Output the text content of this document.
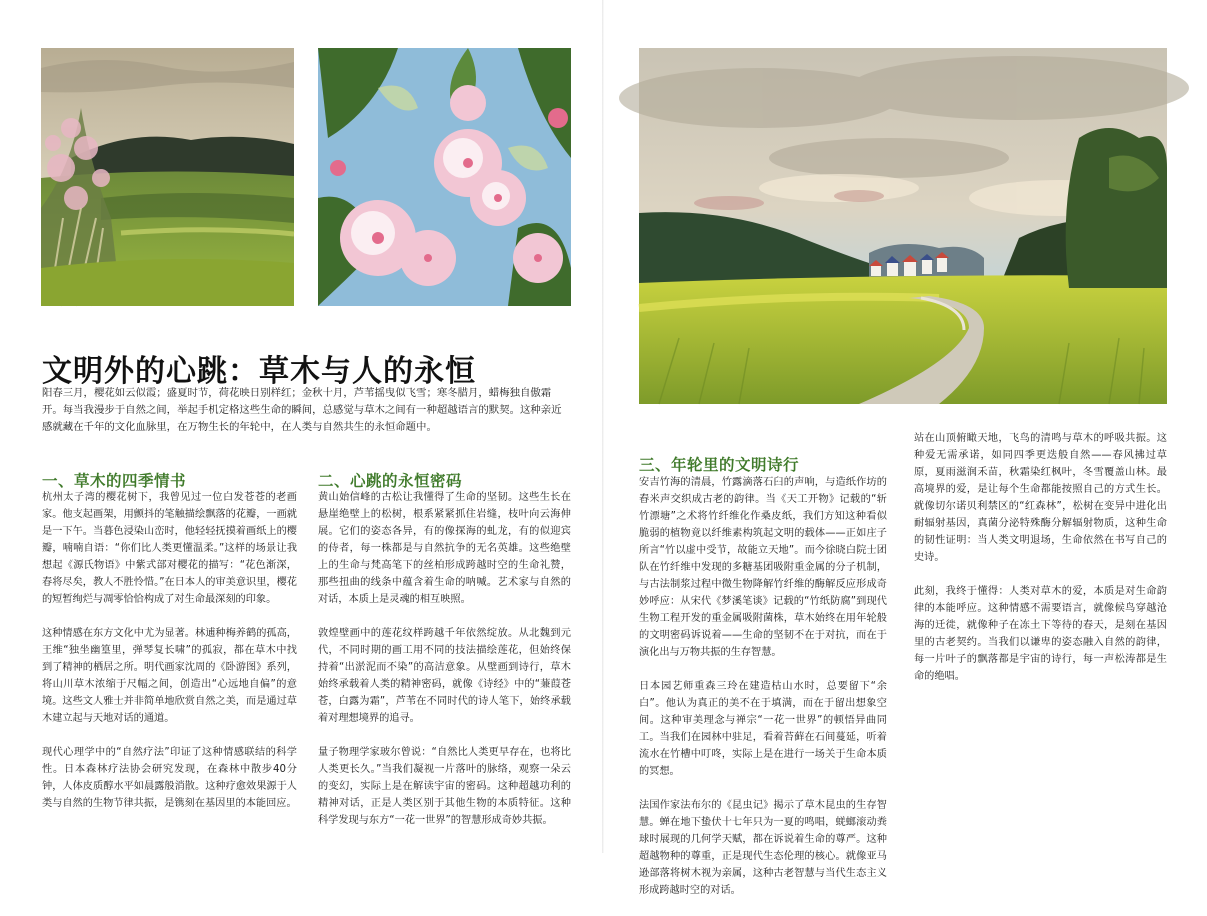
文明外的心跳：草木与人的永恒
阳春三月，樱花如云似霞；盛夏时节，荷花映日别样红；金秋十月，芦苇摇曳似飞雪；寒冬腊月，蜡梅独自傲霜开。每当我漫步于自然之间，举起手机定格这些生命的瞬间，总感觉与草木之间有一种超越语言的默契。这种亲近感就藏在千年的文化血脉里，在万物生长的年轮中，在人类与自然共生的永恒命题中。
一、草木的四季情书

杭州太子湾的樱花树下，我曾见过一位白发苍苍的老画家。他支起画架，用颤抖的笔触描绘飘落的花瓣，一画就是一下午。当暮色浸染山峦时，他轻轻抚摸着画纸上的樱瓣，喃喃自语：“你们比人类更懂温柔。”这样的场景让我想起《源氏物语》中紫式部对樱花的描写：“花色渐深，春将尽矣，教人不胜怜惜。”在日本人的审美意识里，樱花的短暂绚烂与凋零恰恰构成了对生命最深刻的印象。

这种情感在东方文化中尤为显著。林逋种梅养鹤的孤高，王维“独坐幽篁里，弹琴复长啸”的孤寂，都在草木中找到了精神的栖居之所。明代画家沈周的《卧游图》系列，将山川草木浓缩于尺幅之间，创造出“心远地自偏”的意境。这些文人雅士并非简单地欣赏自然之美，而是通过草木建立起与天地对话的通道。

现代心理学中的“自然疗法”印证了这种情感联结的科学性。日本森林疗法协会研究发现，在森林中散步40分钟，人体皮质醇水平如晨露般消散。这种疗愈效果源于人类与自然的生物节律共振，是镌刻在基因里的本能回应。

二、心跳的永恒密码

黄山始信峰的古松让我懂得了生命的坚韧。这些生长在悬崖绝壁上的松树，根系紧紧抓住岩缝，枝叶向云海伸展。它们的姿态各异，有的像探海的虬龙，有的似迎宾的侍者，每一株都是与自然抗争的无名英雄。这些绝壁上的生命与梵高笔下的丝柏形成跨越时空的生命礼赞，那些扭曲的线条中蕴含着生命的呐喊。艺术家与自然的对话，本质上是灵魂的相互映照。

敦煌壁画中的莲花纹样跨越千年依然绽放。从北魏到元代，不同时期的画工用不同的技法描绘莲花，但始终保持着“出淤泥而不染”的高洁意象。从壁画到诗行，草木始终承载着人类的精神密码，就像《诗经》中的“蒹葭苍苍，白露为霜”，芦苇在不同时代的诗人笔下，始终承载着对理想境界的追寻。

量子物理学家玻尔曾说：“自然比人类更早存在，也将比人类更长久。”当我们凝视一片落叶的脉络，观察一朵云的变幻，实际上是在解读宇宙的密码。这种超越功利的精神对话，正是人类区别于其他生物的本质特征。这种科学发现与东方“一花一世界”的智慧形成奇妙共振。

三、年轮里的文明诗行

安吉竹海的清晨，竹露滴落石臼的声响，与造纸作坊的舂米声交织成古老的韵律。当《天工开物》记载的“斩竹漂塘”之术将竹纤维化作桑皮纸，我们方知这种看似脆弱的植物竟以纤维素构筑起文明的载体——正如庄子所言“竹以虚中受节，故能立天地”。而今徐晓白院士团队在竹纤维中发现的多糖基团吸附重金属的分子机制，与古法制浆过程中微生物降解竹纤维的酶解反应形成奇妙呼应：从宋代《梦溪笔谈》记载的“竹纸防腐”到现代生物工程开发的重金属吸附菌株，草木始终在用年轮般的文明密码诉说着——生命的坚韧不在于对抗，而在于演化出与万物共振的生存智慧。

日本园艺师重森三玲在建造枯山水时，总要留下“余白”。他认为真正的美不在于填满，而在于留出想象空间。这种审美理念与禅宗“一花一世界”的顿悟异曲同工。当我们在园林中驻足，看着苔藓在石间蔓延，听着流水在竹槽中叮咚，实际上是在进行一场关于生命本质的冥想。

法国作家法布尔的《昆虫记》揭示了草木昆虫的生存智慧。蝉在地下蛰伏十七年只为一夏的鸣唱，蜣螂滚动粪球时展现的几何学天赋，都在诉说着生命的尊严。这种超越物种的尊重，正是现代生态伦理的核心。就像亚马逊部落将树木视为亲属，这种古老智慧与当代生态主义形成跨越时空的对话。

站在山顶俯瞰天地，飞鸟的清鸣与草木的呼吸共振。这种爱无需承诺，如同四季更迭般自然——春风拂过草原，夏雨滋润禾苗，秋霜染红枫叶，冬雪覆盖山林。最高境界的爱，是让每个生命都能按照自己的方式生长。就像切尔诺贝利禁区的“红森林”，松树在变异中进化出耐辐射基因，真菌分泌特殊酶分解辐射物质，这种生命的韧性证明：当人类文明退场，生命依然在书写自己的史诗。

此刻，我终于懂得：人类对草木的爱，本质是对生命韵律的本能呼应。这种情感不需要语言，就像候鸟穿越沧海的迁徙，就像种子在冻土下等待的春天，是刻在基因里的古老契约。当我们以谦卑的姿态融入自然的韵律，每一片叶子的飘落都是宇宙的诗行，每一声松涛都是生命的绝唱。
